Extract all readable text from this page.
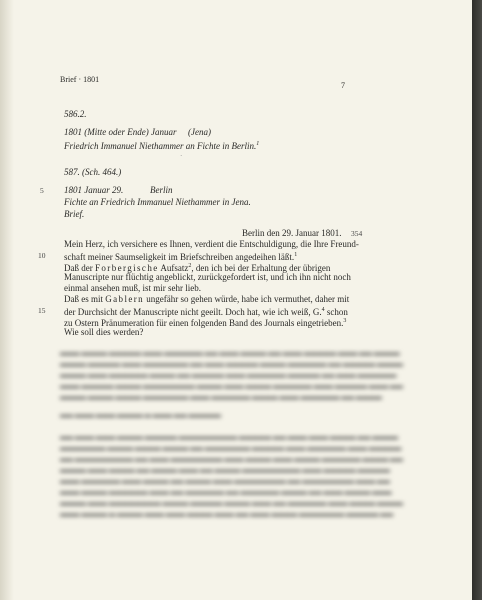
Brief · 1801

7

586.2.

1801 (Mitte oder Ende) Januar (Jena)

Friedrich Immanuel Niethammer an Fichte in Berlin.$^1$

·

587. (Sch. 464.)

5 1801 Januar 29.	Berlin

Fichte an Friedrich Immanuel Niethammer in Jena.

Brief.

Berlin den 29. Januar 1801. 354

Mein Herz, ich versichere es Ihnen, verdient die Entschuldigung, die Ihre Freund-

10 schaft meiner Saumseligkeit im Briefschreiben angedeihen läßt.$^1$

Daß der Forbergische Aufsatz$^2$, den ich bei der Erhaltung der übrigen

Manuscripte nur flüchtig angeblickt, zurückgefordert ist, und ich ihn nicht noch

einmal ansehen muß, ist mir sehr lieb.

Daß es mit Gablern ungefähr so gehen würde, habe ich vermuthet, daher mit

15 der Durchsicht der Manuscripte nicht geeilt. Doch hat, wie ich weiß, G.$^4$ schon

zu Ostern Pränumeration für einen folgenden Band des Journals eingetrieben.$^3$

Wie soll dies werden?

▬▬▬ ▬▬▬▬ ▬▬▬▬▬ ▬▬▬ ▬▬▬▬▬▬ ▬▬ ▬▬▬ ▬▬▬▬ ▬▬ ▬▬▬ ▬▬▬▬▬ ▬▬▬ ▬▬ ▬▬▬▬
▬▬▬▬ ▬▬▬▬▬ ▬▬▬ ▬▬▬▬▬▬▬ ▬▬ ▬▬▬ ▬▬▬▬▬ ▬▬▬▬ ▬▬▬▬▬▬ ▬▬ ▬▬▬▬▬ ▬▬▬▬
▬▬▬▬ ▬▬▬ ▬▬▬▬▬▬ ▬▬▬▬ ▬▬ ▬▬▬▬▬ ▬▬▬ ▬▬▬▬▬▬ ▬▬▬▬▬ ▬▬ ▬▬▬ ▬▬▬▬▬▬
▬▬▬ ▬▬▬▬▬ ▬▬▬▬ ▬▬▬▬▬▬▬▬ ▬▬▬▬ ▬▬▬ ▬▬▬▬ ▬▬▬▬▬▬ ▬▬▬ ▬▬▬▬▬ ▬▬▬ ▬▬
▬▬▬▬ ▬▬▬▬ ▬▬▬▬ ▬▬▬▬▬▬▬ ▬▬▬ ▬▬▬▬▬▬ ▬▬▬▬ ▬▬▬ ▬▬▬▬▬▬ ▬▬ ▬▬▬▬
▬▬ ▬▬▬ ▬▬▬ ▬▬▬▬ ▬ ▬▬▬ ▬▬ ▬▬▬▬▬
▬▬ ▬▬▬ ▬▬▬ ▬▬▬▬ ▬▬▬▬▬ ▬▬▬▬▬▬▬▬▬ ▬▬▬▬▬ ▬▬ ▬▬▬ ▬▬▬ ▬▬▬▬ ▬▬ ▬▬▬▬
▬▬▬▬▬▬▬ ▬▬▬▬ ▬▬▬▬ ▬▬▬▬ ▬▬ ▬▬▬▬▬▬▬ ▬▬▬▬▬ ▬▬▬ ▬▬▬▬▬▬ ▬▬▬ ▬▬▬▬▬
▬▬ ▬▬▬▬▬▬▬▬▬ ▬▬ ▬▬▬ ▬▬▬▬▬▬▬▬ ▬▬▬ ▬▬▬▬ ▬▬▬ ▬▬▬▬ ▬▬▬▬▬▬ ▬▬▬▬ ▬▬
▬▬▬▬ ▬▬▬ ▬▬▬▬ ▬▬ ▬▬▬▬ ▬▬▬ ▬▬ ▬▬▬▬ ▬▬▬▬▬▬▬▬▬ ▬▬▬ ▬▬▬▬▬ ▬▬▬▬▬
▬▬▬ ▬▬▬▬▬▬ ▬▬▬ ▬▬▬▬ ▬▬ ▬▬▬▬ ▬▬▬ ▬▬▬▬▬▬▬▬ ▬▬ ▬▬▬▬▬▬▬▬ ▬▬▬ ▬▬
▬▬▬ ▬▬▬▬ ▬▬▬▬▬▬ ▬▬▬ ▬▬ ▬▬▬▬▬▬ ▬▬ ▬▬▬▬▬▬ ▬▬▬▬ ▬▬ ▬▬▬ ▬▬▬▬ ▬▬▬
▬▬▬▬ ▬▬▬ ▬▬▬▬▬▬▬▬ ▬▬▬▬ ▬▬▬▬▬ ▬▬▬▬ ▬▬▬ ▬▬ ▬▬▬▬▬▬ ▬▬▬ ▬▬▬▬ ▬▬▬▬
▬▬▬ ▬▬▬▬ ▬ ▬▬▬▬ ▬▬▬ ▬▬▬ ▬▬▬▬ ▬▬▬ ▬▬ ▬▬▬ ▬▬▬▬ ▬▬▬▬▬▬▬ ▬▬▬▬▬ ▬▬
